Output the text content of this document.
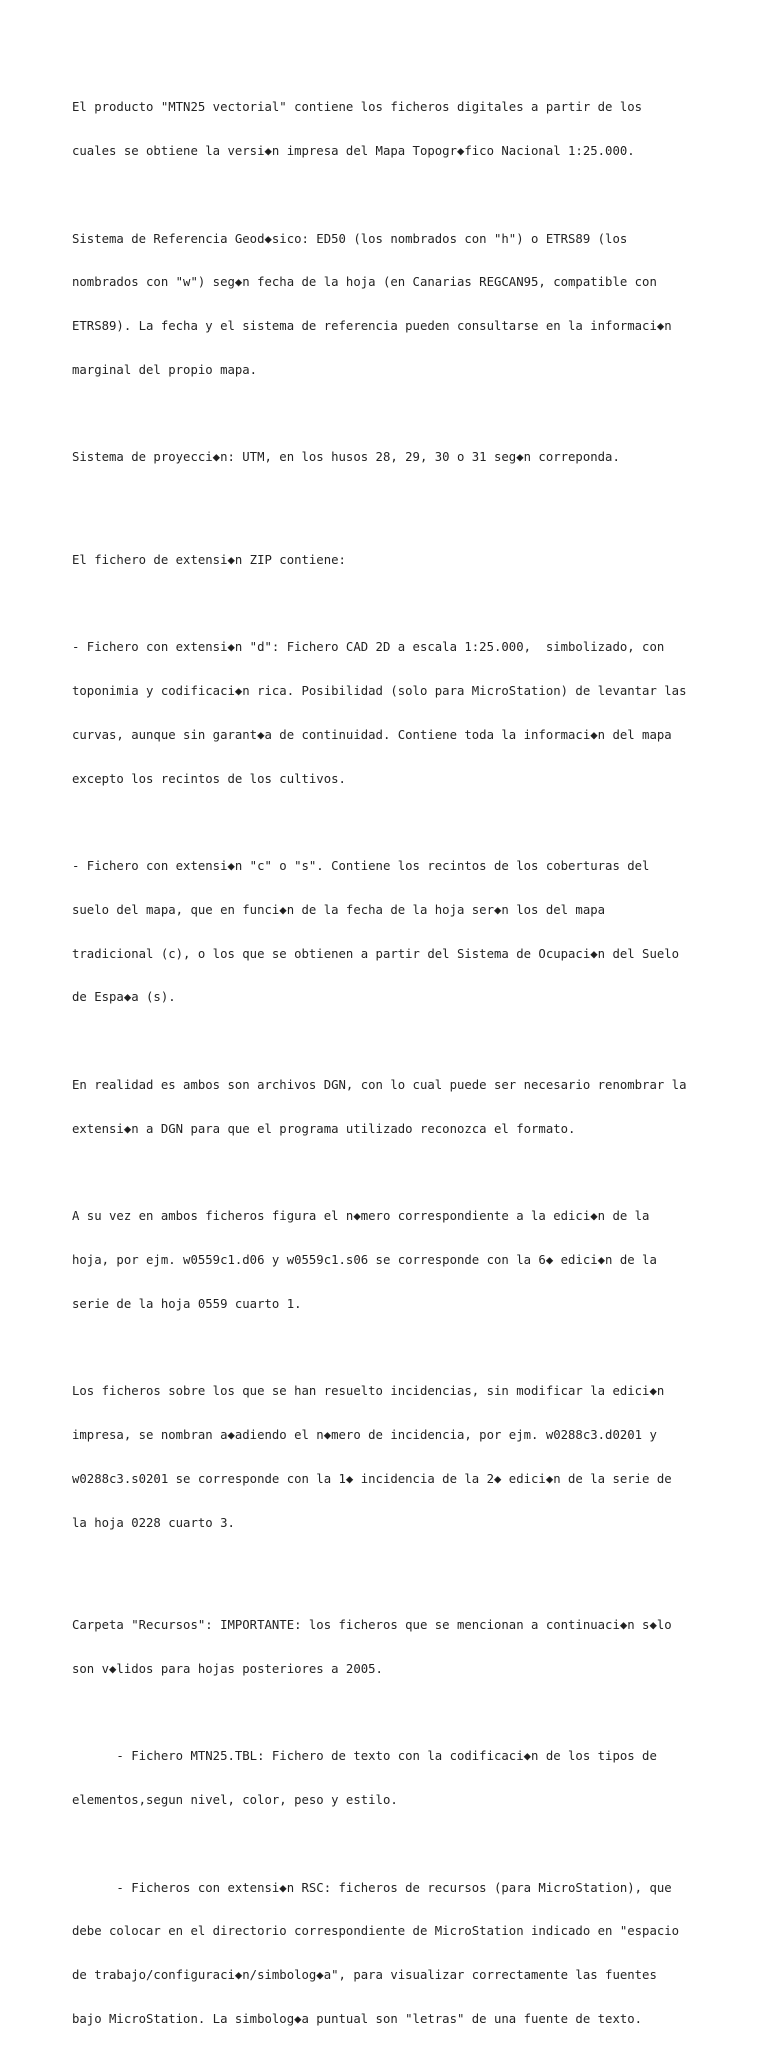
El producto "MTN25 vectorial" contiene los ficheros digitales a partir de los

cuales se obtiene la versi◆n impresa del Mapa Topogr◆fico Nacional 1:25.000.

Sistema de Referencia Geod◆sico: ED50 (los nombrados con "h") o ETRS89 (los

nombrados con "w") seg◆n fecha de la hoja (en Canarias REGCAN95, compatible con

ETRS89). La fecha y el sistema de referencia pueden consultarse en la informaci◆n

marginal del propio mapa.

Sistema de proyecci◆n: UTM, en los husos 28, 29, 30 o 31 seg◆n correponda.

El fichero de extensi◆n ZIP contiene:

- Fichero con extensi◆n "d": Fichero CAD 2D a escala 1:25.000,  simbolizado, con

toponimia y codificaci◆n rica. Posibilidad (solo para MicroStation) de levantar las

curvas, aunque sin garant◆a de continuidad. Contiene toda la informaci◆n del mapa

excepto los recintos de los cultivos.

- Fichero con extensi◆n "c" o "s". Contiene los recintos de los coberturas del

suelo del mapa, que en funci◆n de la fecha de la hoja ser◆n los del mapa

tradicional (c), o los que se obtienen a partir del Sistema de Ocupaci◆n del Suelo

de Espa◆a (s).

En realidad es ambos son archivos DGN, con lo cual puede ser necesario renombrar la

extensi◆n a DGN para que el programa utilizado reconozca el formato.

A su vez en ambos ficheros figura el n◆mero correspondiente a la edici◆n de la

hoja, por ejm. w0559c1.d06 y w0559c1.s06 se corresponde con la 6◆ edici◆n de la

serie de la hoja 0559 cuarto 1.

Los ficheros sobre los que se han resuelto incidencias, sin modificar la edici◆n

impresa, se nombran a◆adiendo el n◆mero de incidencia, por ejm. w0288c3.d0201 y

w0288c3.s0201 se corresponde con la 1◆ incidencia de la 2◆ edici◆n de la serie de

la hoja 0228 cuarto 3.

Carpeta "Recursos": IMPORTANTE: los ficheros que se mencionan a continuaci◆n s◆lo

son v◆lidos para hojas posteriores a 2005.

- Fichero MTN25.TBL: Fichero de texto con la codificaci◆n de los tipos de

elementos,segun nivel, color, peso y estilo.

- Ficheros con extensi◆n RSC: ficheros de recursos (para MicroStation), que

debe colocar en el directorio correspondiente de MicroStation indicado en "espacio

de trabajo/configuraci◆n/simbolog◆a", para visualizar correctamente las fuentes

bajo MicroStation. La simbolog◆a puntual son "letras" de una fuente de texto.
